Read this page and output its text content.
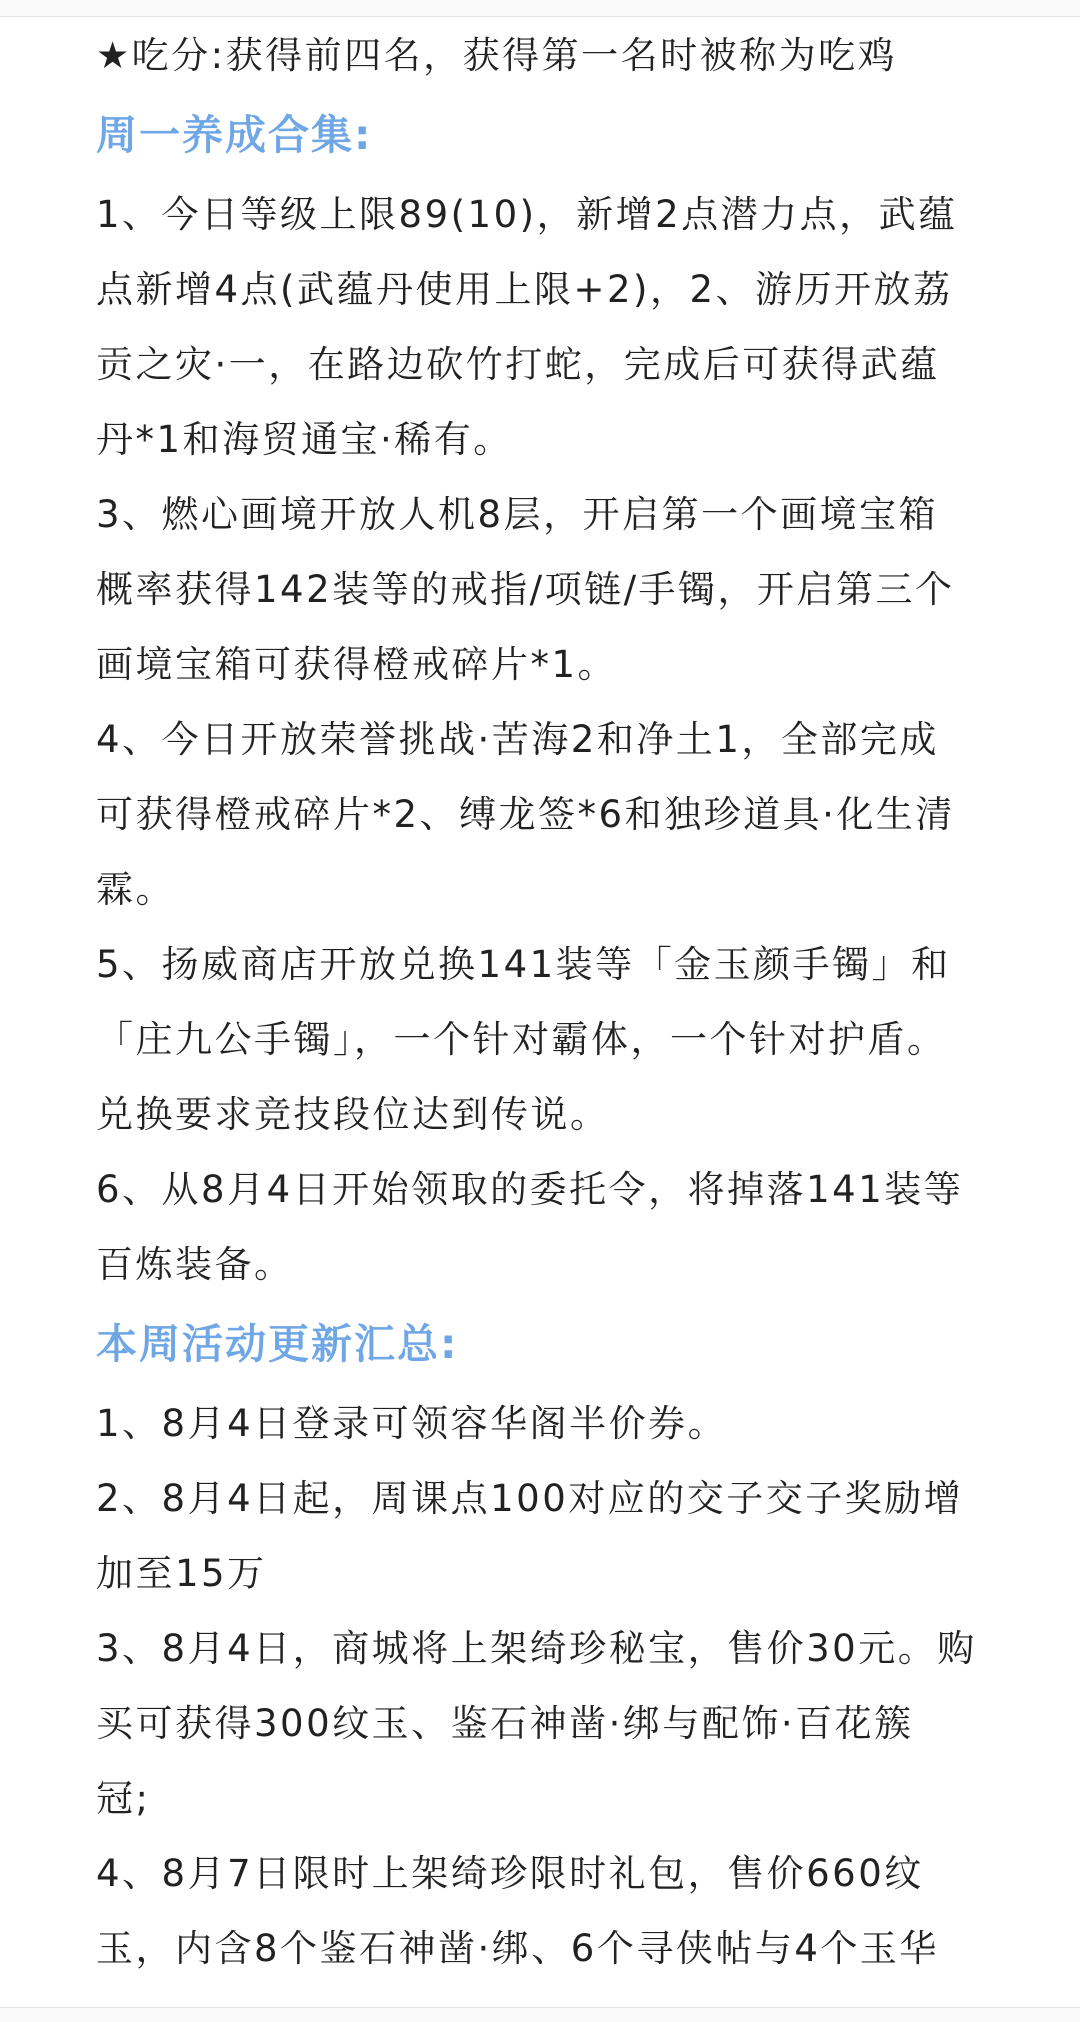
★吃分:获得前四名，获得第一名时被称为吃鸡

周一养成合集:

1、今日等级上限89(10)，新增2点潜力点，武蕴

点新增4点(武蕴丹使用上限+2)，2、游历开放荔

贡之灾·一，在路边砍竹打蛇，完成后可获得武蕴

丹*1和海贸通宝·稀有。

3、燃心画境开放人机8层，开启第一个画境宝箱

概率获得142装等的戒指/项链/手镯，开启第三个

画境宝箱可获得橙戒碎片*1。

4、今日开放荣誉挑战·苦海2和净土1，全部完成

可获得橙戒碎片*2、缚龙签*6和独珍道具·化生清

霖。

5、扬威商店开放兑换141装等「金玉颜手镯」和

「庄九公手镯」，一个针对霸体，一个针对护盾。

兑换要求竞技段位达到传说。

6、从8月4日开始领取的委托令，将掉落141装等

百炼装备。

本周活动更新汇总:

1、8月4日登录可领容华阁半价券。

2、8月4日起，周课点100对应的交子交子奖励增

加至15万

3、8月4日，商城将上架绮珍秘宝，售价30元。购

买可获得300纹玉、鉴石神凿·绑与配饰·百花簇

冠;

4、8月7日限时上架绮珍限时礼包，售价660纹

玉，内含8个鉴石神凿·绑、6个寻侠帖与4个玉华
